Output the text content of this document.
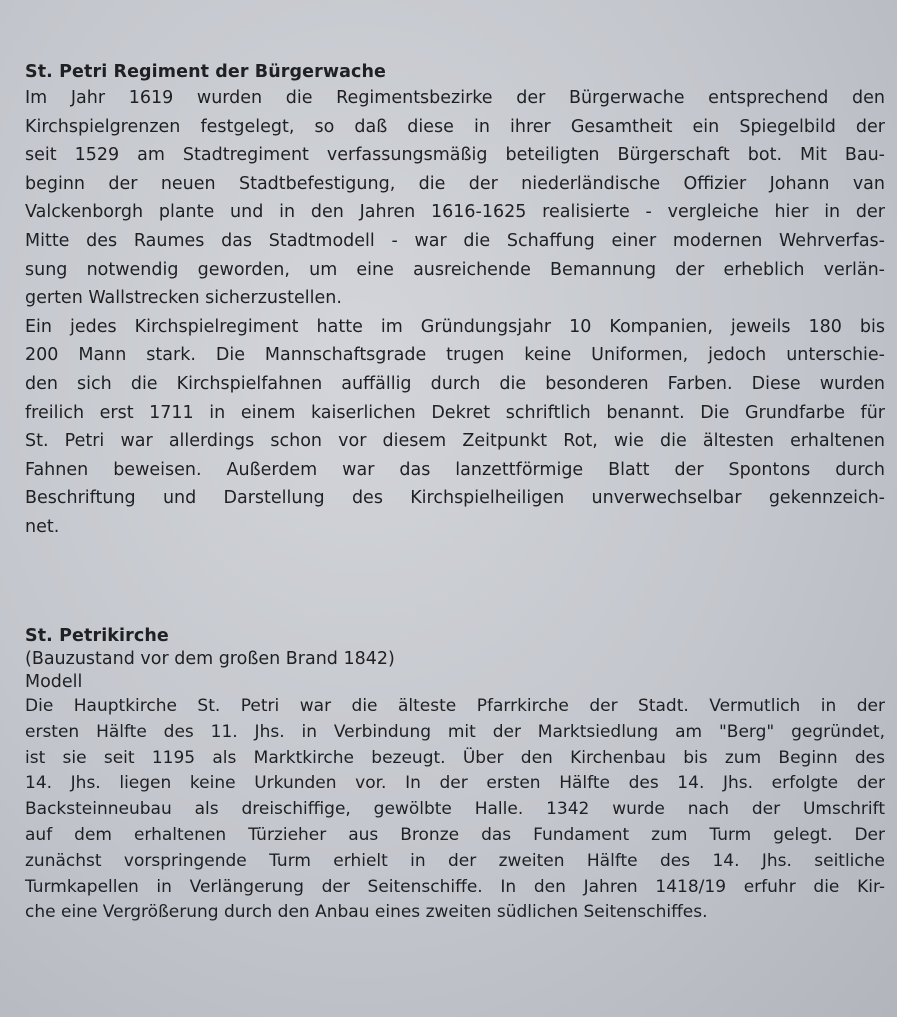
St. Petri Regiment der Bürgerwache
Im Jahr 1619 wurden die Regimentsbezirke der Bürgerwache entsprechend den
Kirchspielgrenzen festgelegt, so daß diese in ihrer Gesamtheit ein Spiegelbild der
seit 1529 am Stadtregiment verfassungsmäßig beteiligten Bürgerschaft bot. Mit Bau-
beginn der neuen Stadtbefestigung, die der niederländische Offizier Johann van
Valckenborgh plante und in den Jahren 1616-1625 realisierte - vergleiche hier in der
Mitte des Raumes das Stadtmodell - war die Schaffung einer modernen Wehrverfas-
sung notwendig geworden, um eine ausreichende Bemannung der erheblich verlän-
gerten Wallstrecken sicherzustellen.
Ein jedes Kirchspielregiment hatte im Gründungsjahr 10 Kompanien, jeweils 180 bis
200 Mann stark. Die Mannschaftsgrade trugen keine Uniformen, jedoch unterschie-
den sich die Kirchspielfahnen auffällig durch die besonderen Farben. Diese wurden
freilich erst 1711 in einem kaiserlichen Dekret schriftlich benannt. Die Grundfarbe für
St. Petri war allerdings schon vor diesem Zeitpunkt Rot, wie die ältesten erhaltenen
Fahnen beweisen. Außerdem war das lanzettförmige Blatt der Spontons durch
Beschriftung und Darstellung des Kirchspielheiligen unverwechselbar gekennzeich-
net.
St. Petrikirche

(Bauzustand vor dem großen Brand 1842)

Modell

Die Hauptkirche St. Petri war die älteste Pfarrkirche der Stadt. Vermutlich in der
ersten Hälfte des 11. Jhs. in Verbindung mit der Marktsiedlung am "Berg" gegründet,
ist sie seit 1195 als Marktkirche bezeugt. Über den Kirchenbau bis zum Beginn des
14. Jhs. liegen keine Urkunden vor. In der ersten Hälfte des 14. Jhs. erfolgte der
Backsteinneubau als dreischiffige, gewölbte Halle. 1342 wurde nach der Umschrift
auf dem erhaltenen Türzieher aus Bronze das Fundament zum Turm gelegt. Der
zunächst vorspringende Turm erhielt in der zweiten Hälfte des 14. Jhs. seitliche
Turmkapellen in Verlängerung der Seitenschiffe. In den Jahren 1418/19 erfuhr die Kir-
che eine Vergrößerung durch den Anbau eines zweiten südlichen Seitenschiffes.
